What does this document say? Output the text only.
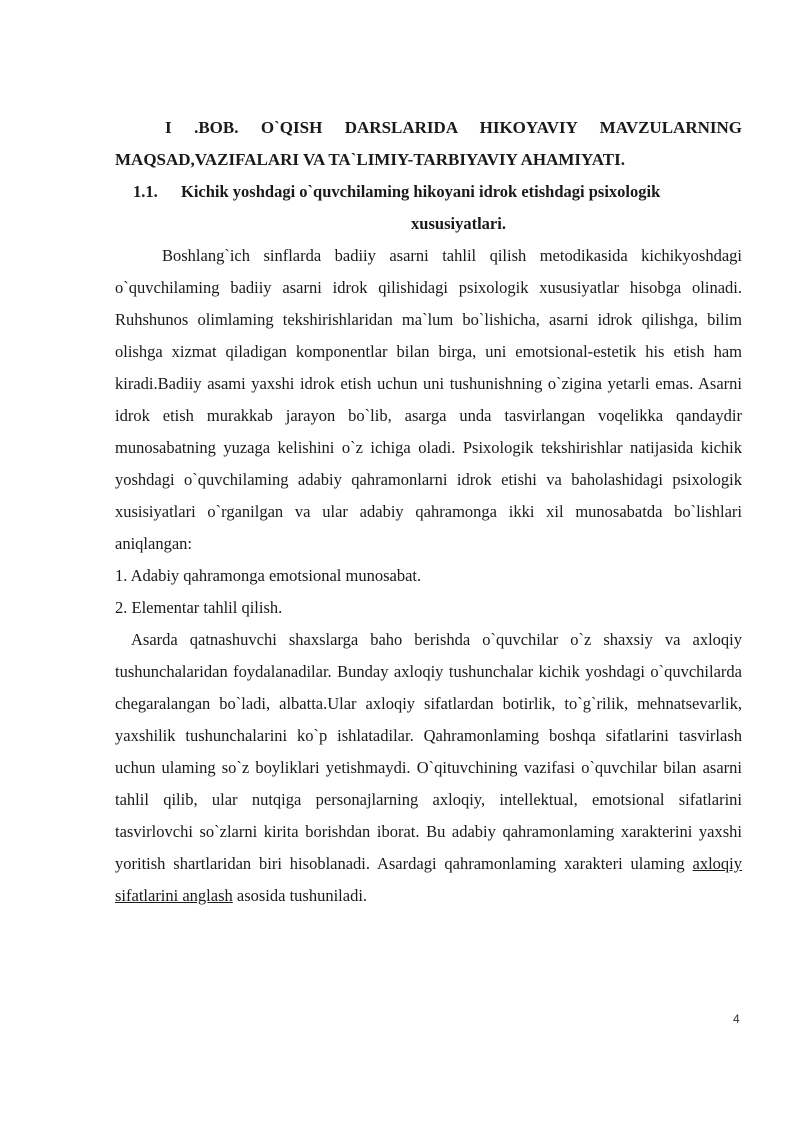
I .BOB. O`QISH DARSLARIDA HIKOYAVIY MAVZULARNING
MAQSAD,VAZIFALARI VA TA`LIMIY-TARBIYAVIY AHAMIYATI.
1.1. Kichik yoshdagi o`quvchilaming hikoyani idrok etishdagi psixologik
xususiyatlari.

Boshlang`ich sinflarda badiiy asarni tahlil qilish metodikasida kichikyoshdagi o`quvchilaming badiiy asarni idrok qilishidagi psixologik xususiyatlar hisobga olinadi. Ruhshunos olimlaming tekshirishlaridan ma`lum bo`lishicha, asarni idrok qilishga, bilim olishga xizmat qiladigan komponentlar bilan birga, uni emotsional-estetik his etish ham kiradi.Badiiy asami yaxshi idrok etish uchun uni tushunishning o`zigina yetarli emas. Asarni idrok etish murakkab jarayon bo`lib, asarga unda tasvirlangan voqelikka qandaydir munosabatning yuzaga kelishini o`z ichiga oladi. Psixologik tekshirishlar natijasida kichik yoshdagi o`quvchilaming adabiy qahramonlarni idrok etishi va baholashidagi psixologik xusisiyatlari o`rganilgan va ular adabiy qahramonga ikki xil munosabatda bo`lishlari aniqlangan:

1. Adabiy qahramonga emotsional munosabat.

2. Elementar tahlil qilish.

Asarda qatnashuvchi shaxslarga baho berishda o`quvchilar o`z shaxsiy va axloqiy tushunchalaridan foydalanadilar. Bunday axloqiy tushunchalar kichik yoshdagi o`quvchilarda chegaralangan bo`ladi, albatta.Ular axloqiy sifatlardan botirlik, to`g`rilik, mehnatsevarlik, yaxshilik tushunchalarini ko`p ishlatadilar. Qahramonlaming boshqa sifatlarini tasvirlash uchun ulaming so`z boyliklari yetishmaydi. O`qituvchining vazifasi o`quvchilar bilan asarni tahlil qilib, ular nutqiga personajlarning axloqiy, intellektual, emotsional sifatlarini tasvirlovchi so`zlarni kirita borishdan iborat. Bu adabiy qahramonlaming xarakterini yaxshi yoritish shartlaridan biri hisoblanadi. Asardagi qahramonlaming xarakteri ulaming axloqiy sifatlarini anglash asosida tushuniladi.

4
